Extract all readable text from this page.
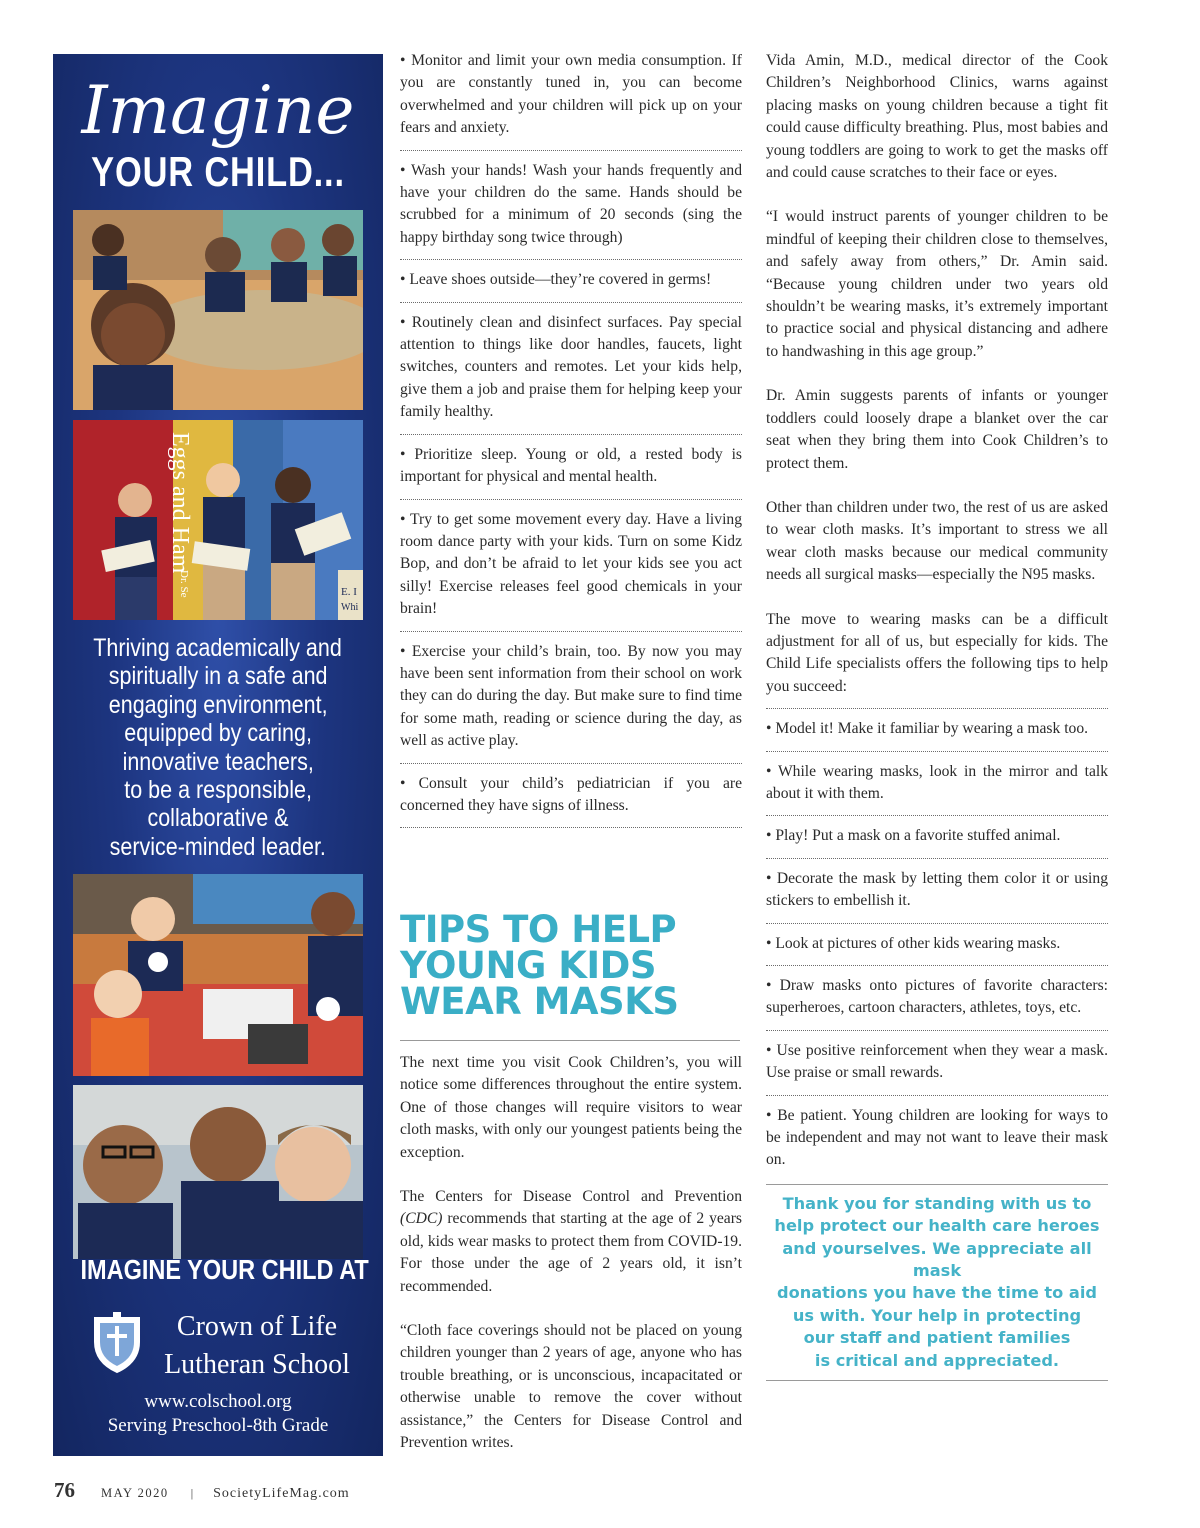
Imagine
YOUR CHILD...
Eggs and Ham
Dr. Se	E. I
Whi
Thriving academically and
spiritually in a safe and
engaging environment,
equipped by caring,
innovative teachers,
to be a responsible,
collaborative &
service-minded leader.
IMAGINE YOUR CHILD AT
Crown of Life
Lutheran School
www.colschool.org
Serving Preschool-8th Grade

• Monitor and limit your own media consumption. If you are constantly tuned in, you can become overwhelmed and your children will pick up on your fears and anxiety.

• Wash your hands! Wash your hands frequently and have your children do the same. Hands should be scrubbed for a minimum of 20 seconds (sing the happy birthday song twice through)

• Leave shoes outside—they’re covered in germs!

• Routinely clean and disinfect surfaces. Pay special attention to things like door handles, faucets, light switches, counters and remotes. Let your kids help, give them a job and praise them for helping keep your family healthy.

• Prioritize sleep. Young or old, a rested body is important for physical and mental health.

• Try to get some movement every day. Have a living room dance party with your kids. Turn on some Kidz Bop, and don’t be afraid to let your kids see you act silly! Exercise releases feel good chemicals in your brain!

• Exercise your child’s brain, too. By now you may have been sent information from their school on work they can do during the day. But make sure to find time for some math, reading or science during the day, as well as active play.

• Consult your child’s pediatrician if you are concerned they have signs of illness.

TIPS TO HELP YOUNG KIDS WEAR MASKS

The next time you visit Cook Children’s, you will notice some differences throughout the entire system. One of those changes will require visitors to wear cloth masks, with only our youngest patients being the exception.

The Centers for Disease Control and Prevention (CDC) recommends that starting at the age of 2 years old, kids wear masks to protect them from COVID-19. For those under the age of 2 years old, it isn’t recommended.

“Cloth face coverings should not be placed on young children younger than 2 years of age, anyone who has trouble breathing, or is unconscious, incapacitated or otherwise unable to remove the cover without assistance,” the Centers for Disease Control and Prevention writes.

Vida Amin, M.D., medical director of the Cook Children’s Neighborhood Clinics, warns against placing masks on young children because a tight fit could cause difficulty breathing. Plus, most babies and young toddlers are going to work to get the masks off and could cause scratches to their face or eyes.

“I would instruct parents of younger children to be mindful of keeping their children close to themselves, and safely away from others,” Dr. Amin said. “Because young children under two years old shouldn’t be wearing masks, it’s extremely important to practice social and physical distancing and adhere to handwashing in this age group.”

Dr. Amin suggests parents of infants or younger toddlers could loosely drape a blanket over the car seat when they bring them into Cook Children’s to protect them.

Other than children under two, the rest of us are asked to wear cloth masks. It’s important to stress we all wear cloth masks because our medical community needs all surgical masks—especially the N95 masks.

The move to wearing masks can be a difficult adjustment for all of us, but especially for kids. The Child Life specialists offers the following tips to help you succeed:

• Model it! Make it familiar by wearing a mask too.

• While wearing masks, look in the mirror and talk about it with them.

• Play! Put a mask on a favorite stuffed animal.

• Decorate the mask by letting them color it or using stickers to embellish it.

• Look at pictures of other kids wearing masks.

• Draw masks onto pictures of favorite characters: superheroes, cartoon characters, athletes, toys, etc.

• Use positive reinforcement when they wear a mask. Use praise or small rewards.

• Be patient. Young children are looking for ways to be independent and may not want to leave their mask on.

Thank you for standing with us to
help protect our health care heroes
and yourselves. We appreciate all mask
donations you have the time to aid
us with. Your help in protecting
our staff and patient families
is critical and appreciated.
76 MAY 2020 | SocietyLifeMag.com
